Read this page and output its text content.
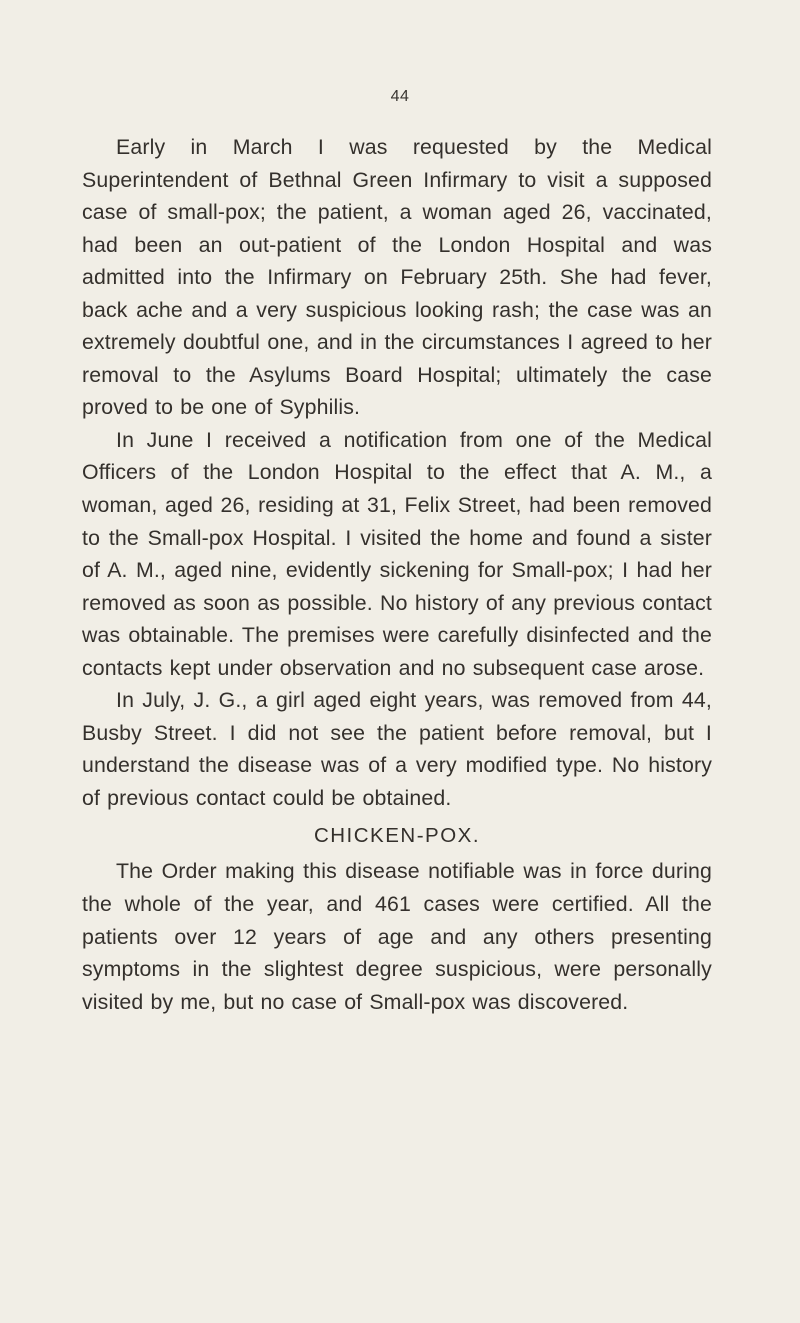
44

Early in March I was requested by the Medical Superintendent of Bethnal Green Infirmary to visit a supposed case of small-pox; the patient, a woman aged 26, vaccinated, had been an out-patient of the London Hospital and was admitted into the Infirmary on February 25th. She had fever, back ache and a very suspicious looking rash; the case was an extremely doubtful one, and in the circumstances I agreed to her removal to the Asylums Board Hospital; ultimately the case proved to be one of Syphilis.

In June I received a notification from one of the Medical Officers of the London Hospital to the effect that A. M., a woman, aged 26, residing at 31, Felix Street, had been removed to the Small-pox Hospital. I visited the home and found a sister of A. M., aged nine, evidently sickening for Small-pox; I had her removed as soon as possible. No history of any previous contact was obtainable. The premises were carefully disinfected and the contacts kept under observation and no subsequent case arose.

In July, J. G., a girl aged eight years, was removed from 44, Busby Street. I did not see the patient before removal, but I understand the disease was of a very modified type. No history of previous contact could be obtained.

CHICKEN-POX.

The Order making this disease notifiable was in force during the whole of the year, and 461 cases were certified. All the patients over 12 years of age and any others presenting symptoms in the slightest degree suspicious, were personally visited by me, but no case of Small-pox was discovered.
